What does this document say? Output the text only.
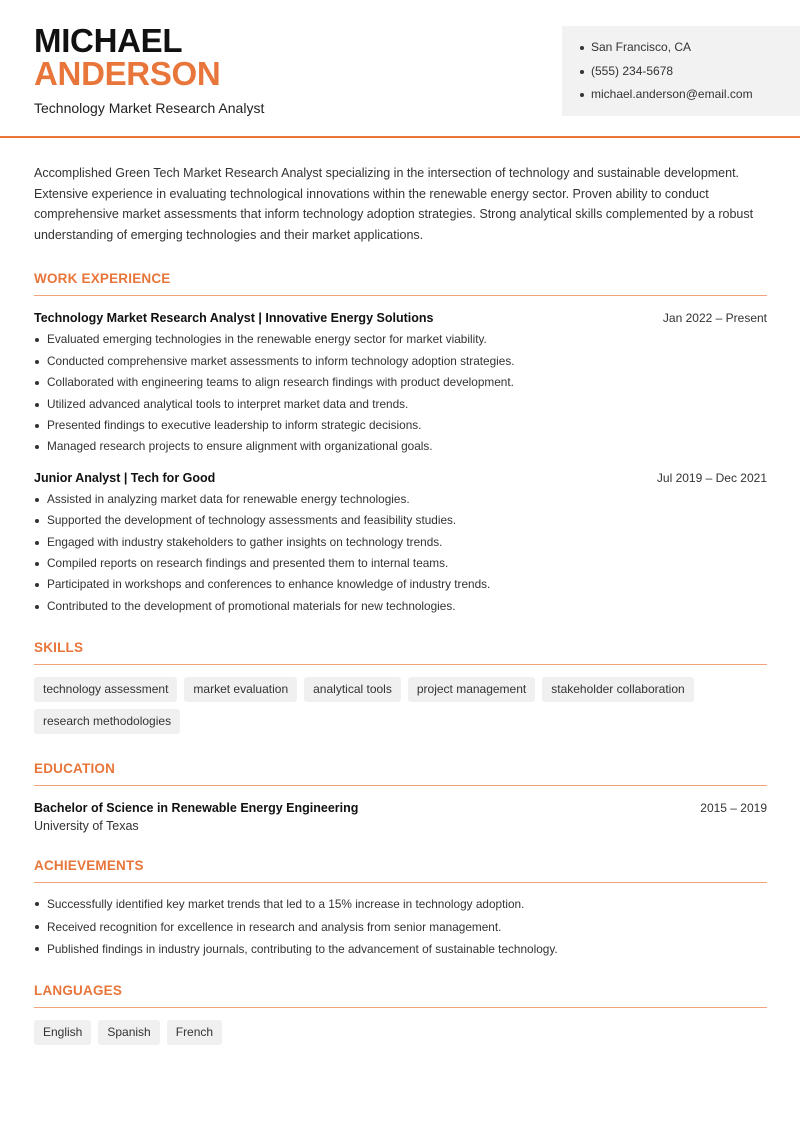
MICHAEL
ANDERSON
Technology Market Research Analyst
San Francisco, CA
(555) 234-5678
michael.anderson@email.com

Accomplished Green Tech Market Research Analyst specializing in the intersection of technology and sustainable development. Extensive experience in evaluating technological innovations within the renewable energy sector. Proven ability to conduct comprehensive market assessments that inform technology adoption strategies. Strong analytical skills complemented by a robust understanding of emerging technologies and their market applications.

WORK EXPERIENCE
Technology Market Research Analyst | Innovative Energy Solutions	Jan 2022 – Present
Evaluated emerging technologies in the renewable energy sector for market viability.
Conducted comprehensive market assessments to inform technology adoption strategies.
Collaborated with engineering teams to align research findings with product development.
Utilized advanced analytical tools to interpret market data and trends.
Presented findings to executive leadership to inform strategic decisions.
Managed research projects to ensure alignment with organizational goals.
Junior Analyst | Tech for Good	Jul 2019 – Dec 2021
Assisted in analyzing market data for renewable energy technologies.
Supported the development of technology assessments and feasibility studies.
Engaged with industry stakeholders to gather insights on technology trends.
Compiled reports on research findings and presented them to internal teams.
Participated in workshops and conferences to enhance knowledge of industry trends.
Contributed to the development of promotional materials for new technologies.
SKILLS
technology assessment	market evaluation	analytical tools	project management	stakeholder collaboration
research methodologies
EDUCATION
Bachelor of Science in Renewable Energy Engineering	2015 – 2019
University of Texas
ACHIEVEMENTS
Successfully identified key market trends that led to a 15% increase in technology adoption.
Received recognition for excellence in research and analysis from senior management.
Published findings in industry journals, contributing to the advancement of sustainable technology.
LANGUAGES
English	Spanish	French
